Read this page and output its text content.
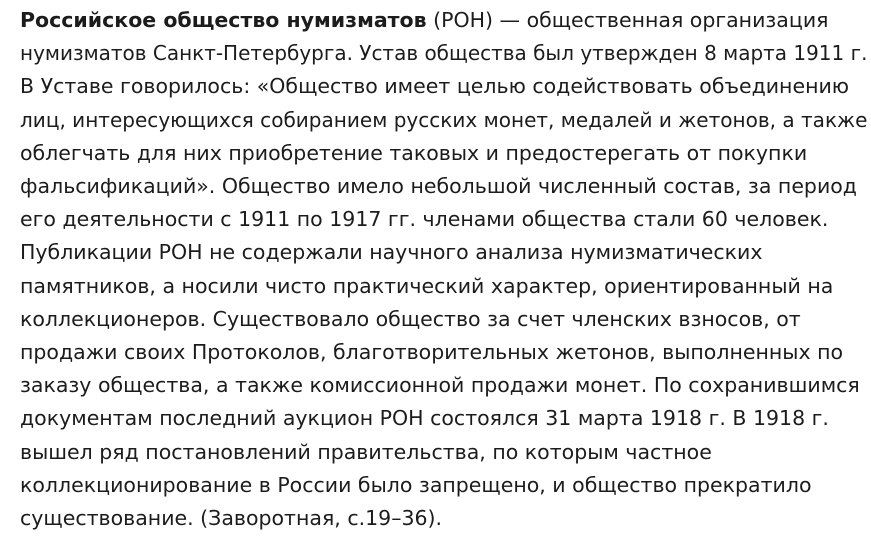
Российское общество нумизматов (РОН) — общественная организация
нумизматов Санкт-Петербурга. Устав общества был утвержден 8 марта 1911 г.
В Уставе говорилось: «Общество имеет целью содействовать объединению
лиц, интересующихся собиранием русских монет, медалей и жетонов, а также
облегчать для них приобретение таковых и предостерегать от покупки
фальсификаций». Общество имело небольшой численный состав, за период
его деятельности с 1911 по 1917 гг. членами общества стали 60 человек.
Публикации РОН не содержали научного анализа нумизматических
памятников, а носили чисто практический характер, ориентированный на
коллекционеров. Существовало общество за счет членских взносов, от
продажи своих Протоколов, благотворительных жетонов, выполненных по
заказу общества, а также комиссионной продажи монет. По сохранившимся
документам последний аукцион РОН состоялся 31 марта 1918 г. В 1918 г.
вышел ряд постановлений правительства, по которым частное
коллекционирование в России было запрещено, и общество прекратило
существование. (Заворотная, с.19–36).
